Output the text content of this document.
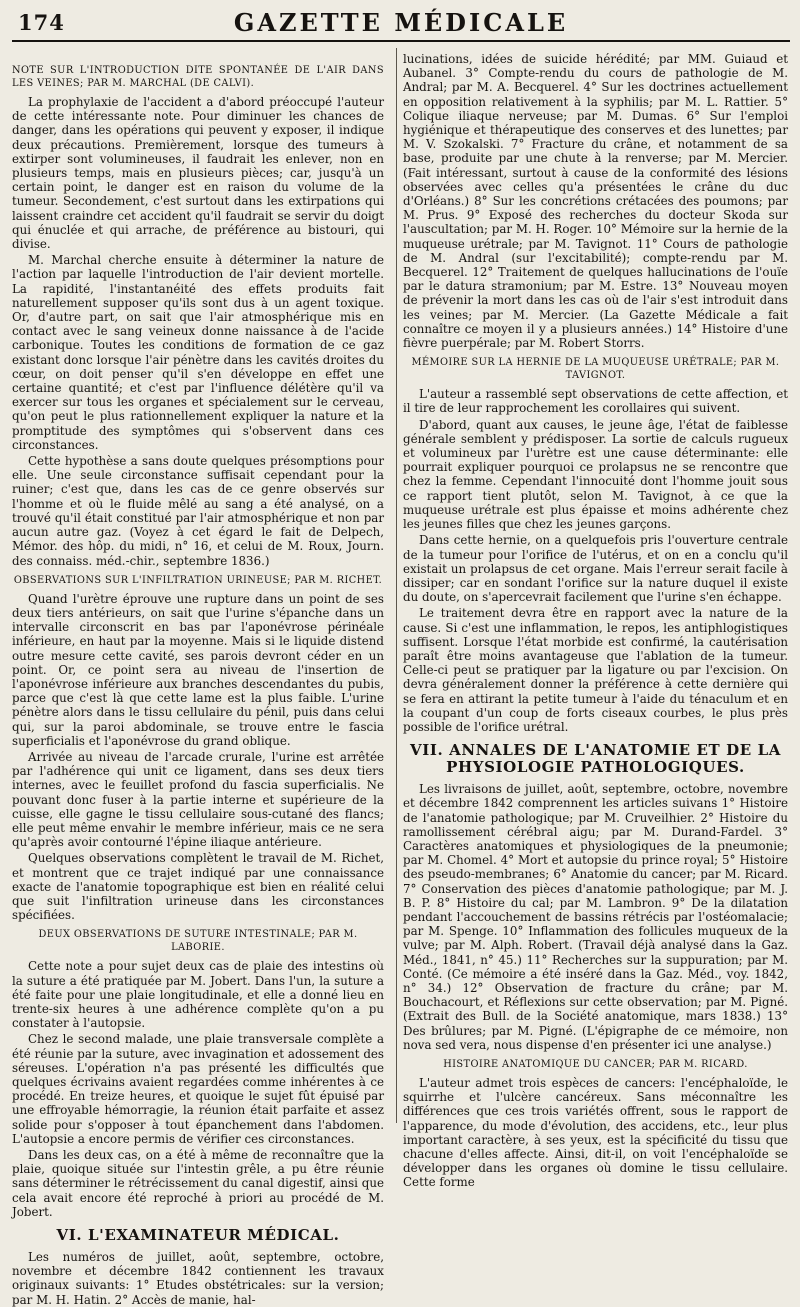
174	GAZETTE MÉDICALE
NOTE SUR L'INTRODUCTION DITE SPONTANÉE DE L'AIR DANS LES VEINES; PAR M. MARCHAL (DE CALVI).

La prophylaxie de l'accident a d'abord préoccupé l'auteur de cette intéressante note. Pour diminuer les chances de danger, dans les opérations qui peuvent y exposer, il indique deux précautions. Premièrement, lorsque des tumeurs à extirper sont volumineuses, il faudrait les enlever, non en plusieurs temps, mais en plusieurs pièces; car, jusqu'à un certain point, le danger est en raison du volume de la tumeur. Secondement, c'est surtout dans les extirpations qui laissent craindre cet accident qu'il faudrait se servir du doigt qui énuclée et qui arrache, de préférence au bistouri, qui divise.

M. Marchal cherche ensuite à déterminer la nature de l'action par laquelle l'introduction de l'air devient mortelle. La rapidité, l'instantanéité des effets produits fait naturellement supposer qu'ils sont dus à un agent toxique. Or, d'autre part, on sait que l'air atmosphérique mis en contact avec le sang veineux donne naissance à de l'acide carbonique. Toutes les conditions de formation de ce gaz existant donc lorsque l'air pénètre dans les cavités droites du cœur, on doit penser qu'il s'en développe en effet une certaine quantité; et c'est par l'influence délétère qu'il va exercer sur tous les organes et spécialement sur le cerveau, qu'on peut le plus rationnellement expliquer la nature et la promptitude des symptômes qui s'observent dans ces circonstances.

Cette hypothèse a sans doute quelques présomptions pour elle. Une seule circonstance suffisait cependant pour la ruiner; c'est que, dans les cas de ce genre observés sur l'homme et où le fluide mêlé au sang a été analysé, on a trouvé qu'il était constitué par l'air atmosphérique et non par aucun autre gaz. (Voyez à cet égard le fait de Delpech, Mémor. des hôp. du midi, n° 16, et celui de M. Roux, Journ. des connaiss. méd.-chir., septembre 1836.)

OBSERVATIONS SUR L'INFILTRATION URINEUSE; PAR M. RICHET.

Quand l'urètre éprouve une rupture dans un point de ses deux tiers antérieurs, on sait que l'urine s'épanche dans un intervalle circonscrit en bas par l'aponévrose périnéale inférieure, en haut par la moyenne. Mais si le liquide distend outre mesure cette cavité, ses parois devront céder en un point. Or, ce point sera au niveau de l'insertion de l'aponévrose inférieure aux branches descendantes du pubis, parce que c'est là que cette lame est la plus faible. L'urine pénètre alors dans le tissu cellulaire du pénil, puis dans celui qui, sur la paroi abdominale, se trouve entre le fascia superficialis et l'aponévrose du grand oblique.

Arrivée au niveau de l'arcade crurale, l'urine est arrêtée par l'adhérence qui unit ce ligament, dans ses deux tiers internes, avec le feuillet profond du fascia superficialis. Ne pouvant donc fuser à la partie interne et supérieure de la cuisse, elle gagne le tissu cellulaire sous-cutané des flancs; elle peut même envahir le membre inférieur, mais ce ne sera qu'après avoir contourné l'épine iliaque antérieure.

Quelques observations complètent le travail de M. Richet, et montrent que ce trajet indiqué par une connaissance exacte de l'anatomie topographique est bien en réalité celui que suit l'infiltration urineuse dans les circonstances spécifiées.

DEUX OBSERVATIONS DE SUTURE INTESTINALE; PAR M. LABORIE.

Cette note a pour sujet deux cas de plaie des intestins où la suture a été pratiquée par M. Jobert. Dans l'un, la suture a été faite pour une plaie longitudinale, et elle a donné lieu en trente-six heures à une adhérence complète qu'on a pu constater à l'autopsie.

Chez le second malade, une plaie transversale complète a été réunie par la suture, avec invagination et adossement des séreuses. L'opération n'a pas présenté les difficultés que quelques écrivains avaient regardées comme inhérentes à ce procédé. En treize heures, et quoique le sujet fût épuisé par une effroyable hémorragie, la réunion était parfaite et assez solide pour s'opposer à tout épanchement dans l'abdomen. L'autopsie a encore permis de vérifier ces circonstances.

Dans les deux cas, on a été à même de reconnaître que la plaie, quoique située sur l'intestin grêle, a pu être réunie sans déterminer le rétrécissement du canal digestif, ainsi que cela avait encore été reproché à priori au procédé de M. Jobert.

VI. L'EXAMINATEUR MÉDICAL.

Les numéros de juillet, août, septembre, octobre, novembre et décembre 1842 contiennent les travaux originaux suivants: 1° Etudes obstétricales: sur la version; par M. H. Hatin. 2° Accès de manie, hal-

lucinations, idées de suicide hérédité; par MM. Guiaud et Aubanel. 3° Compte-rendu du cours de pathologie de M. Andral; par M. A. Becquerel. 4° Sur les doctrines actuellement en opposition relativement à la syphilis; par M. L. Rattier. 5° Colique iliaque nerveuse; par M. Dumas. 6° Sur l'emploi hygiénique et thérapeutique des conserves et des lunettes; par M. V. Szokalski. 7° Fracture du crâne, et notamment de sa base, produite par une chute à la renverse; par M. Mercier. (Fait intéressant, surtout à cause de la conformité des lésions observées avec celles qu'a présentées le crâne du duc d'Orléans.) 8° Sur les concrétions crétacées des poumons; par M. Prus. 9° Exposé des recherches du docteur Skoda sur l'auscultation; par M. H. Roger. 10° Mémoire sur la hernie de la muqueuse urétrale; par M. Tavignot. 11° Cours de pathologie de M. Andral (sur l'excitabilité); compte-rendu par M. Becquerel. 12° Traitement de quelques hallucinations de l'ouïe par le datura stramonium; par M. Estre. 13° Nouveau moyen de prévenir la mort dans les cas où de l'air s'est introduit dans les veines; par M. Mercier. (La Gazette Médicale a fait connaître ce moyen il y a plusieurs années.) 14° Histoire d'une fièvre puerpérale; par M. Robert Storrs.

MÉMOIRE SUR LA HERNIE DE LA MUQUEUSE URÉTRALE; PAR M. TAVIGNOT.

L'auteur a rassemblé sept observations de cette affection, et il tire de leur rapprochement les corollaires qui suivent.

D'abord, quant aux causes, le jeune âge, l'état de faiblesse générale semblent y prédisposer. La sortie de calculs rugueux et volumineux par l'urètre est une cause déterminante: elle pourrait expliquer pourquoi ce prolapsus ne se rencontre que chez la femme. Cependant l'innocuité dont l'homme jouit sous ce rapport tient plutôt, selon M. Tavignot, à ce que la muqueuse urétrale est plus épaisse et moins adhérente chez les jeunes filles que chez les jeunes garçons.

Dans cette hernie, on a quelquefois pris l'ouverture centrale de la tumeur pour l'orifice de l'utérus, et on en a conclu qu'il existait un prolapsus de cet organe. Mais l'erreur serait facile à dissiper; car en sondant l'orifice sur la nature duquel il existe du doute, on s'apercevrait facilement que l'urine s'en échappe.

Le traitement devra être en rapport avec la nature de la cause. Si c'est une inflammation, le repos, les antiphlogistiques suffisent. Lorsque l'état morbide est confirmé, la cautérisation paraît être moins avantageuse que l'ablation de la tumeur. Celle-ci peut se pratiquer par la ligature ou par l'excision. On devra généralement donner la préférence à cette dernière qui se fera en attirant la petite tumeur à l'aide du ténaculum et en la coupant d'un coup de forts ciseaux courbes, le plus près possible de l'orifice urétral.

VII. ANNALES DE L'ANATOMIE ET DE LA PHYSIOLOGIE PATHOLOGIQUES.

Les livraisons de juillet, août, septembre, octobre, novembre et décembre 1842 comprennent les articles suivans 1° Histoire de l'anatomie pathologique; par M. Cruveilhier. 2° Histoire du ramollissement cérébral aigu; par M. Durand-Fardel. 3° Caractères anatomiques et physiologiques de la pneumonie; par M. Chomel. 4° Mort et autopsie du prince royal; 5° Histoire des pseudo-membranes; 6° Anatomie du cancer; par M. Ricard. 7° Conservation des pièces d'anatomie pathologique; par M. J. B. P. 8° Histoire du cal; par M. Lambron. 9° De la dilatation pendant l'accouchement de bassins rétrécis par l'ostéomalacie; par M. Spenge. 10° Inflammation des follicules muqueux de la vulve; par M. Alph. Robert. (Travail déjà analysé dans la Gaz. Méd., 1841, n° 45.) 11° Recherches sur la suppuration; par M. Conté. (Ce mémoire a été inséré dans la Gaz. Méd., voy. 1842, n° 34.) 12° Observation de fracture du crâne; par M. Bouchacourt, et Réflexions sur cette observation; par M. Pigné. (Extrait des Bull. de la Société anatomique, mars 1838.) 13° Des brûlures; par M. Pigné. (L'épigraphe de ce mémoire, non nova sed vera, nous dispense d'en présenter ici une analyse.)

HISTOIRE ANATOMIQUE DU CANCER; PAR M. RICARD.

L'auteur admet trois espèces de cancers: l'encéphaloïde, le squirrhe et l'ulcère cancéreux. Sans méconnaître les différences que ces trois variétés offrent, sous le rapport de l'apparence, du mode d'évolution, des accidens, etc., leur plus important caractère, à ses yeux, est la spécificité du tissu que chacune d'elles affecte. Ainsi, dit-il, on voit l'encéphaloïde se développer dans les organes où domine le tissu cellulaire. Cette forme
